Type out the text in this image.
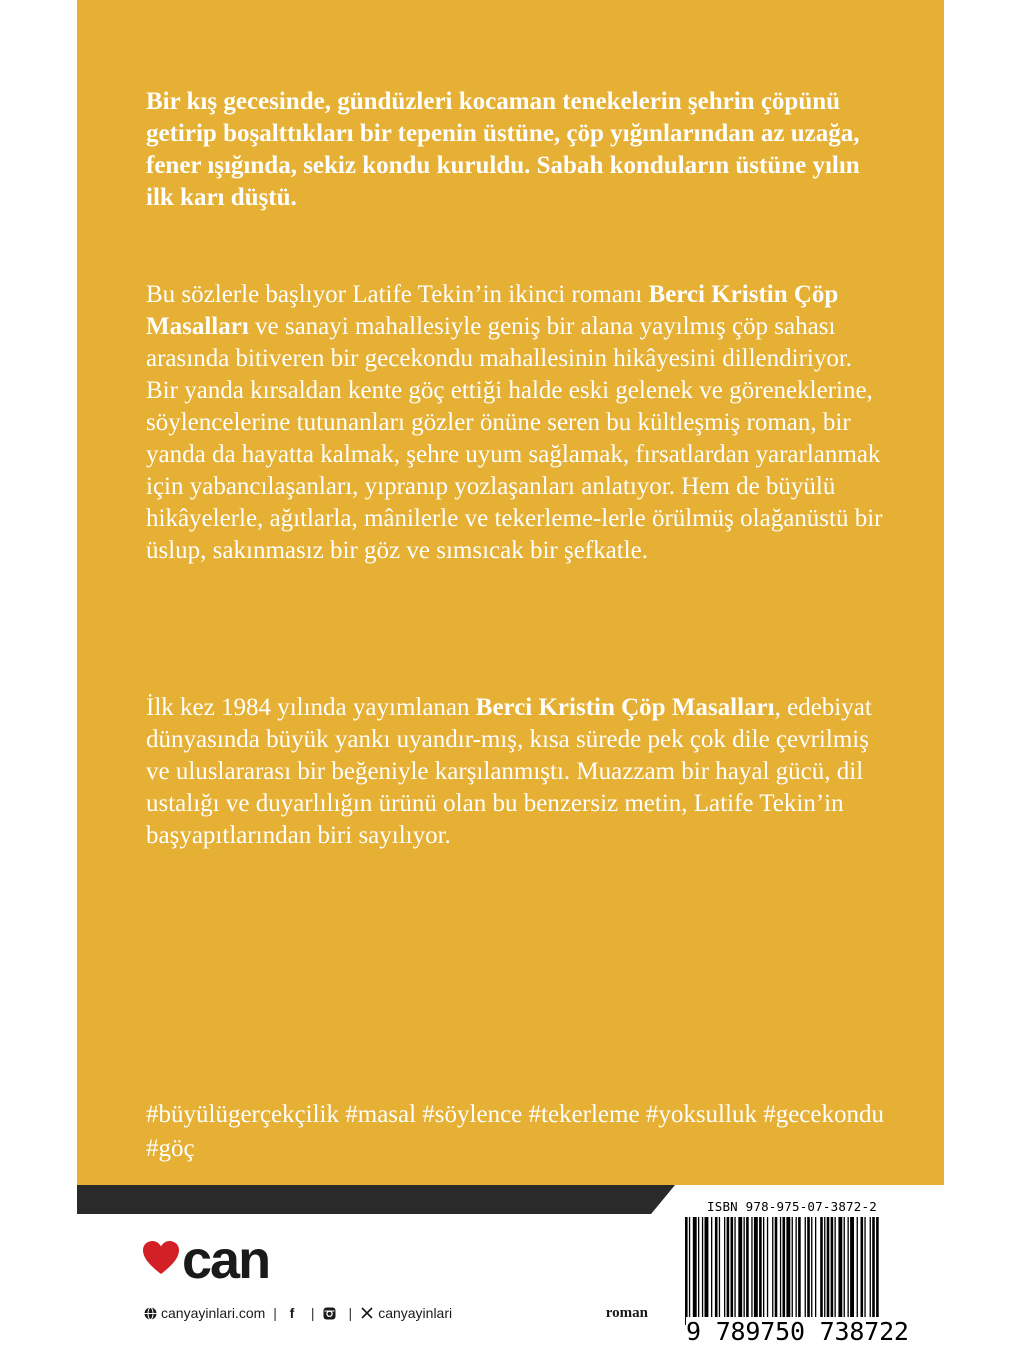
Bir kış gecesinde, gündüzleri kocaman tenekelerin şehrin çöpünü getirip boşalttıkları bir tepenin üstüne, çöp yığınlarından az uzağa, fener ışığında, sekiz kondu kuruldu. Sabah konduların üstüne yılın ilk karı düştü.

Bu sözlerle başlıyor Latife Tekin’in ikinci romanı Berci Kristin Çöp Masalları ve sanayi mahallesiyle geniş bir alana yayılmış çöp sahası arasında bitiveren bir gecekondu mahallesinin hikâyesini dillendiriyor. Bir yanda kırsaldan kente göç ettiği halde eski gelenek ve göreneklerine, söylencelerine tutunanları gözler önüne seren bu kültleşmiş roman, bir yanda da hayatta kalmak, şehre uyum sağlamak, fırsatlardan yararlanmak için yabancılaşanları, yıpranıp yozlaşanları anlatıyor. Hem de büyülü hikâyelerle, ağıtlarla, mânilerle ve tekerleme-lerle örülmüş olağanüstü bir üslup, sakınmasız bir göz ve sımsıcak bir şefkatle.

İlk kez 1984 yılında yayımlanan Berci Kristin Çöp Masalları, edebiyat dünyasında büyük yankı uyandır-mış, kısa sürede pek çok dile çevrilmiş ve uluslararası bir beğeniyle karşılanmıştı. Muazzam bir hayal gücü, dil ustalığı ve duyarlılığın ürünü olan bu benzersiz metin, Latife Tekin’in başyapıtlarından biri sayılıyor.

#büyülügerçekçilik #masal #söylence #tekerleme #yoksulluk #gecekondu #göç

can
canyayinlari.com | f	| | canyayinlari	roman
ISBN 978-975-07-3872-2
9 789750 738722
